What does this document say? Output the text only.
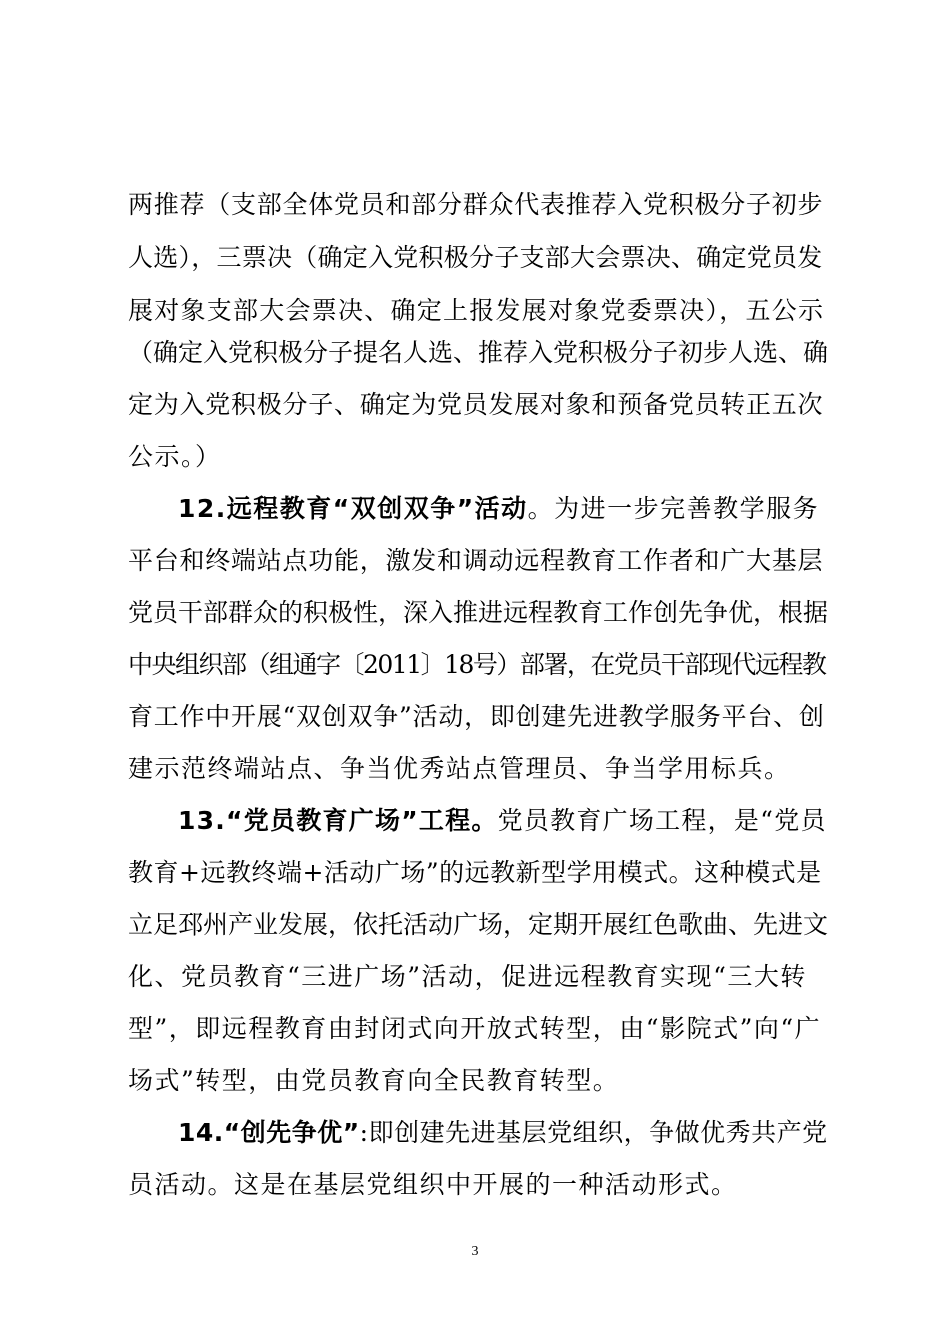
两推荐（支部全体党员和部分群众代表推荐入党积极分子初步
人选），三票决（确定入党积极分子支部大会票决、确定党员发
展对象支部大会票决、确定上报发展对象党委票决），五公示
（确定入党积极分子提名人选、推荐入党积极分子初步人选、确
定为入党积极分子、确定为党员发展对象和预备党员转正五次
公示。）
12.远程教育“双创双争”活动。为进一步完善教学服务
平台和终端站点功能，激发和调动远程教育工作者和广大基层
党员干部群众的积极性，深入推进远程教育工作创先争优，根据
中央组织部（组通字〔2011〕18号）部署，在党员干部现代远程教
育工作中开展“双创双争”活动，即创建先进教学服务平台、创
建示范终端站点、争当优秀站点管理员、争当学用标兵。
13.“党员教育广场”工程。党员教育广场工程，是“党员
教育+远教终端+活动广场”的远教新型学用模式。这种模式是
立足邳州产业发展，依托活动广场，定期开展红色歌曲、先进文
化、党员教育“三进广场”活动，促进远程教育实现“三大转
型”，即远程教育由封闭式向开放式转型，由“影院式”向“广
场式”转型，由党员教育向全民教育转型。
14.“创先争优”:即创建先进基层党组织，争做优秀共产党
员活动。这是在基层党组织中开展的一种活动形式。
3
